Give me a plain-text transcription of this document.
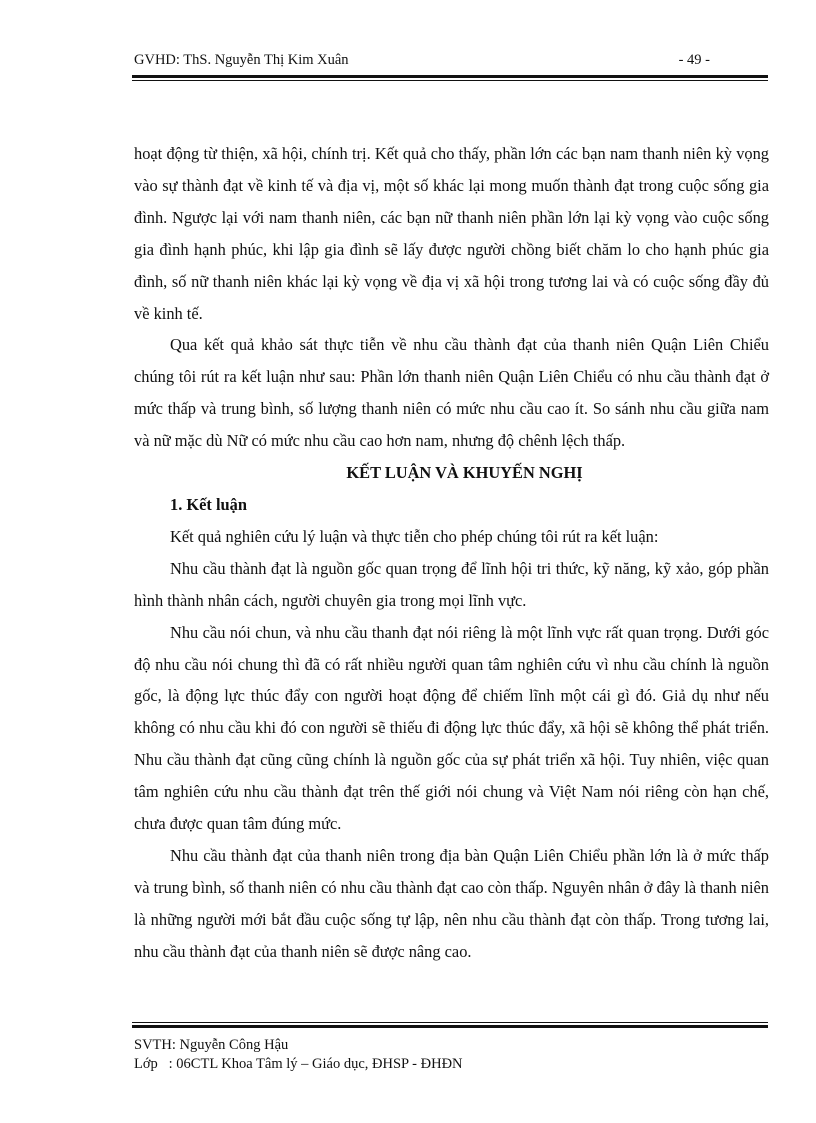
GVHD: ThS. Nguyễn Thị Kim Xuân	- 49 -

hoạt động từ thiện, xã hội, chính trị. Kết quả cho thấy, phần lớn các bạn nam thanh niên kỳ vọng vào sự thành đạt về kinh tế và địa vị, một số khác lại mong muốn thành đạt trong cuộc sống gia đình. Ngược lại với nam thanh niên, các bạn nữ thanh niên phần lớn lại kỳ vọng vào cuộc sống gia đình hạnh phúc, khi lập gia đình sẽ lấy được người chồng biết chăm lo cho hạnh phúc gia đình, số nữ thanh niên khác lại kỳ vọng về địa vị xã hội trong tương lai và có cuộc sống đầy đủ về kinh tế.

Qua kết quả khảo sát thực tiễn về nhu cầu thành đạt của thanh niên Quận Liên Chiểu chúng tôi rút ra kết luận như sau: Phần lớn thanh niên Quận Liên Chiểu có nhu cầu thành đạt ở mức thấp và trung bình, số lượng thanh niên có mức nhu cầu cao ít. So sánh nhu cầu giữa nam và nữ mặc dù Nữ có mức nhu cầu cao hơn nam, nhưng độ chênh lệch thấp.

KẾT LUẬN VÀ KHUYẾN NGHỊ

1. Kết luận

Kết quả nghiên cứu lý luận và thực tiễn cho phép chúng tôi rút ra kết luận:

Nhu cầu thành đạt là nguồn gốc quan trọng để lĩnh hội tri thức, kỹ năng, kỹ xảo, góp phần hình thành nhân cách, người chuyên gia trong mọi lĩnh vực.

Nhu cầu nói chun, và nhu cầu thanh đạt nói riêng là một lĩnh vực rất quan trọng. Dưới góc độ nhu cầu nói chung thì đã có rất nhiều người quan tâm nghiên cứu vì nhu cầu chính là nguồn gốc, là động lực thúc đẩy con người hoạt động để chiếm lĩnh một cái gì đó. Giả dụ như nếu không có nhu cầu khi đó con người sẽ thiếu đi động lực thúc đẩy, xã hội sẽ không thể phát triển. Nhu cầu thành đạt cũng cũng chính là nguồn gốc của sự phát triển xã hội. Tuy nhiên, việc quan tâm nghiên cứu nhu cầu thành đạt trên thế giới nói chung và Việt Nam nói riêng còn hạn chế, chưa được quan tâm đúng mức.

Nhu cầu thành đạt của thanh niên trong địa bàn Quận Liên Chiểu phần lớn là ở mức thấp và trung bình, số thanh niên có nhu cầu thành đạt cao còn thấp. Nguyên nhân ở đây là thanh niên là những người mới bắt đầu cuộc sống tự lập, nên nhu cầu thành đạt còn thấp. Trong tương lai, nhu cầu thành đạt của thanh niên sẽ được nâng cao.

SVTH: Nguyễn Công Hậu
Lớp   : 06CTL Khoa Tâm lý – Giáo dục, ĐHSP - ĐHĐN
